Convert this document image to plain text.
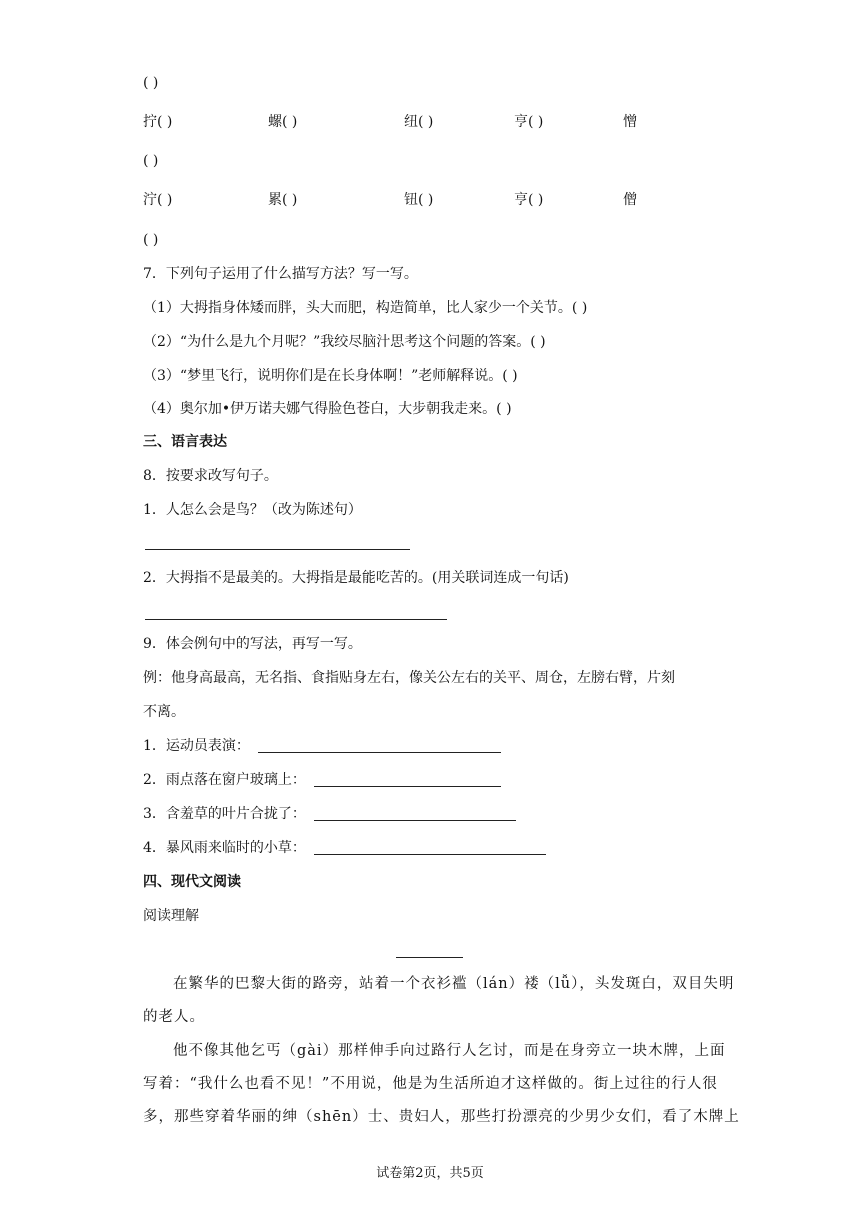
( )
拧( )	螺( )	纽( )	亨( )	憎
( )
泞( )	累( )	钮( )	亨( )	僧
( )
7．下列句子运用了什么描写方法？写一写。
（1）大拇指身体矮而胖，头大而肥，构造简单，比人家少一个关节。( )
（2）“为什么是九个月呢？”我绞尽脑汁思考这个问题的答案。( )
（3）“梦里飞行，说明你们是在长身体啊！”老师解释说。( )
（4）奥尔加•伊万诺夫娜气得脸色苍白，大步朝我走来。( )
三、语言表达
8．按要求改写句子。
1．人怎么会是鸟？（改为陈述句）
2．大拇指不是最美的。大拇指是最能吃苦的。(用关联词连成一句话)
9．体会例句中的写法，再写一写。
例：他身高最高，无名指、食指贴身左右，像关公左右的关平、周仓，左膀右臂，片刻
不离。
1．运动员表演：
2．雨点落在窗户玻璃上：
3．含羞草的叶片合拢了：
4．暴风雨来临时的小草：
四、现代文阅读
阅读理解
在繁华的巴黎大街的路旁，站着一个衣衫褴（lán）褛（lǚ），头发斑白，双目失明
的老人。
他不像其他乞丐（gài）那样伸手向过路行人乞讨，而是在身旁立一块木牌，上面
写着：“我什么也看不见！”不用说，他是为生活所迫才这样做的。街上过往的行人很
多，那些穿着华丽的绅（shēn）士、贵妇人，那些打扮漂亮的少男少女们，看了木牌上
试卷第2页，共5页
